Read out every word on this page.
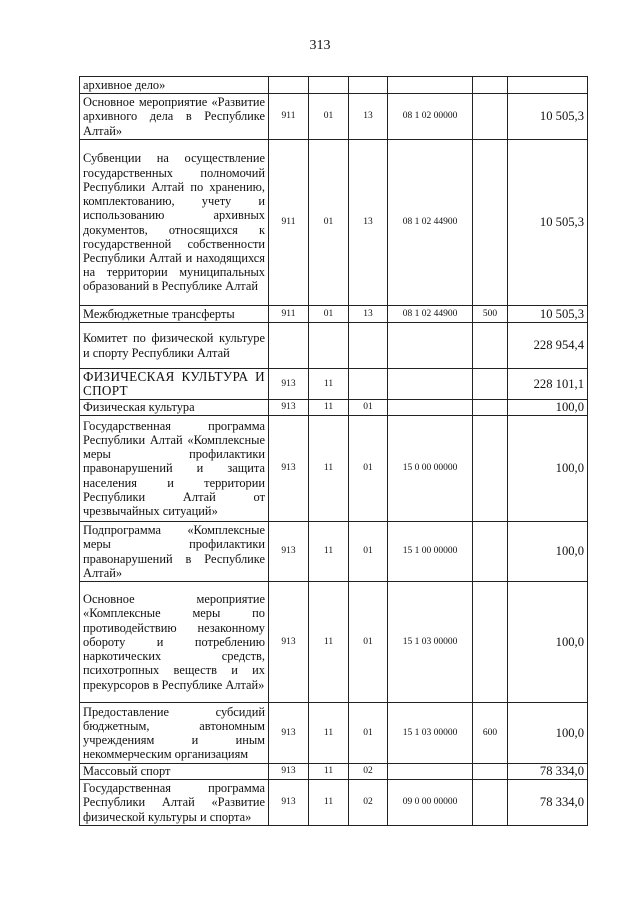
313
архивное дело»						
Основное мероприятие «Развитие архивного дела в Республике Алтай»	911	01	13	08 1 02 00000		10 505,3
Субвенции на осуществление государственных полномочий Республики Алтай по хранению, комплектованию, учету и использованию архивных документов, относящихся к государственной собственности Республики Алтай и находящихся на территории муниципальных образований в Республике Алтай	911	01	13	08 1 02 44900		10 505,3
Межбюджетные трансферты	911	01	13	08 1 02 44900	500	10 505,3
Комитет по физической культуре и спорту Республики Алтай						228 954,4
ФИЗИЧЕСКАЯ КУЛЬТУРА И СПОРТ	913	11				228 101,1
Физическая культура	913	11	01			100,0
Государственная программа Республики Алтай «Комплексные меры профилактики правонарушений и защита населения и территории Республики Алтай от чрезвычайных ситуаций»	913	11	01	15 0 00 00000		100,0
Подпрограмма «Комплексные меры профилактики правонарушений в Республике Алтай»	913	11	01	15 1 00 00000		100,0
Основное мероприятие «Комплексные меры по противодействию незаконному обороту и потреблению наркотических средств, психотропных веществ и их прекурсоров в Республике Алтай»	913	11	01	15 1 03 00000		100,0
Предоставление субсидий бюджетным, автономным учреждениям и иным некоммерческим организациям	913	11	01	15 1 03 00000	600	100,0
Массовый спорт	913	11	02			78 334,0
Государственная программа Республики Алтай «Развитие физической культуры и спорта»	913	11	02	09 0 00 00000		78 334,0
